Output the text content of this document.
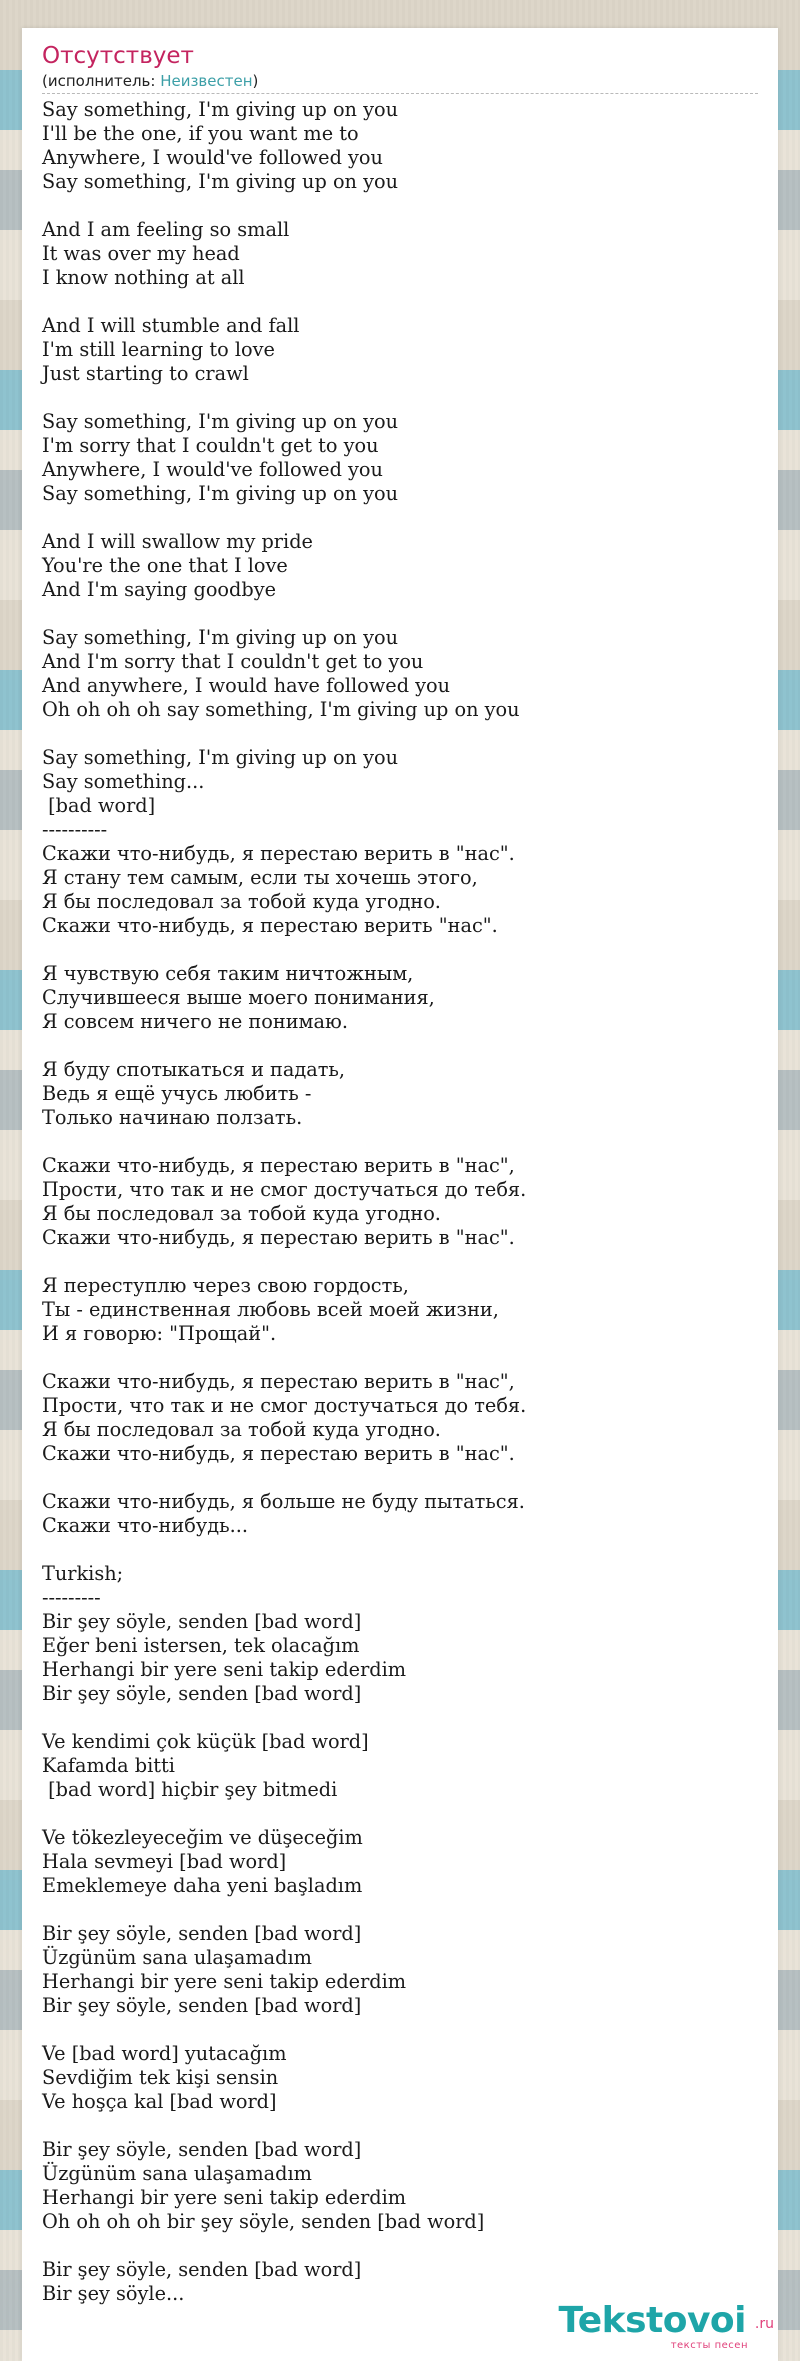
Отсутствует
(исполнитель: Неизвестен)
Say something, I'm giving up on you
I'll be the one, if you want me to
Anywhere, I would've followed you
Say something, I'm giving up on you
And I am feeling so small
It was over my head
I know nothing at all
And I will stumble and fall
I'm still learning to love
Just starting to crawl
Say something, I'm giving up on you
I'm sorry that I couldn't get to you
Anywhere, I would've followed you
Say something, I'm giving up on you
And I will swallow my pride
You're the one that I love
And I'm saying goodbye
Say something, I'm giving up on you
And I'm sorry that I couldn't get to you
And anywhere, I would have followed you
Oh oh oh oh say something, I'm giving up on you
Say something, I'm giving up on you
Say something...
[bad word]
----------
Скажи что-нибудь, я перестаю верить в "нас".
Я стану тем самым, если ты хочешь этого,
Я бы последовал за тобой куда угодно.
Скажи что-нибудь, я перестаю верить "нас".
Я чувствую себя таким ничтожным,
Случившееся выше моего понимания,
Я совсем ничего не понимаю.
Я буду спотыкаться и падать,
Ведь я ещё учусь любить -
Только начинаю ползать.
Скажи что-нибудь, я перестаю верить в "нас",
Прости, что так и не смог достучаться до тебя.
Я бы последовал за тобой куда угодно.
Скажи что-нибудь, я перестаю верить в "нас".
Я переступлю через свою гордость,
Ты - единственная любовь всей моей жизни,
И я говорю: "Прощай".
Скажи что-нибудь, я перестаю верить в "нас",
Прости, что так и не смог достучаться до тебя.
Я бы последовал за тобой куда угодно.
Скажи что-нибудь, я перестаю верить в "нас".
Скажи что-нибудь, я больше не буду пытаться.
Скажи что-нибудь...
Turkish;
---------
Bir şey söyle, senden [bad word]
Eğer beni istersen, tek olacağım
Herhangi bir yere seni takip ederdim
Bir şey söyle, senden [bad word]
Ve kendimi çok küçük [bad word]
Kafamda bitti
[bad word] hiçbir şey bitmedi
Ve tökezleyeceğim ve düşeceğim
Hala sevmeyi [bad word]
Emeklemeye daha yeni başladım
Bir şey söyle, senden [bad word]
Üzgünüm sana ulaşamadım
Herhangi bir yere seni takip ederdim
Bir şey söyle, senden [bad word]
Ve [bad word] yutacağım
Sevdiğim tek kişi sensin
Ve hoşça kal [bad word]
Bir şey söyle, senden [bad word]
Üzgünüm sana ulaşamadım
Herhangi bir yere seni takip ederdim
Oh oh oh oh bir şey söyle, senden [bad word]
Bir şey söyle, senden [bad word]
Bir şey söyle...
Tekstovoi .ru
тексты песен
